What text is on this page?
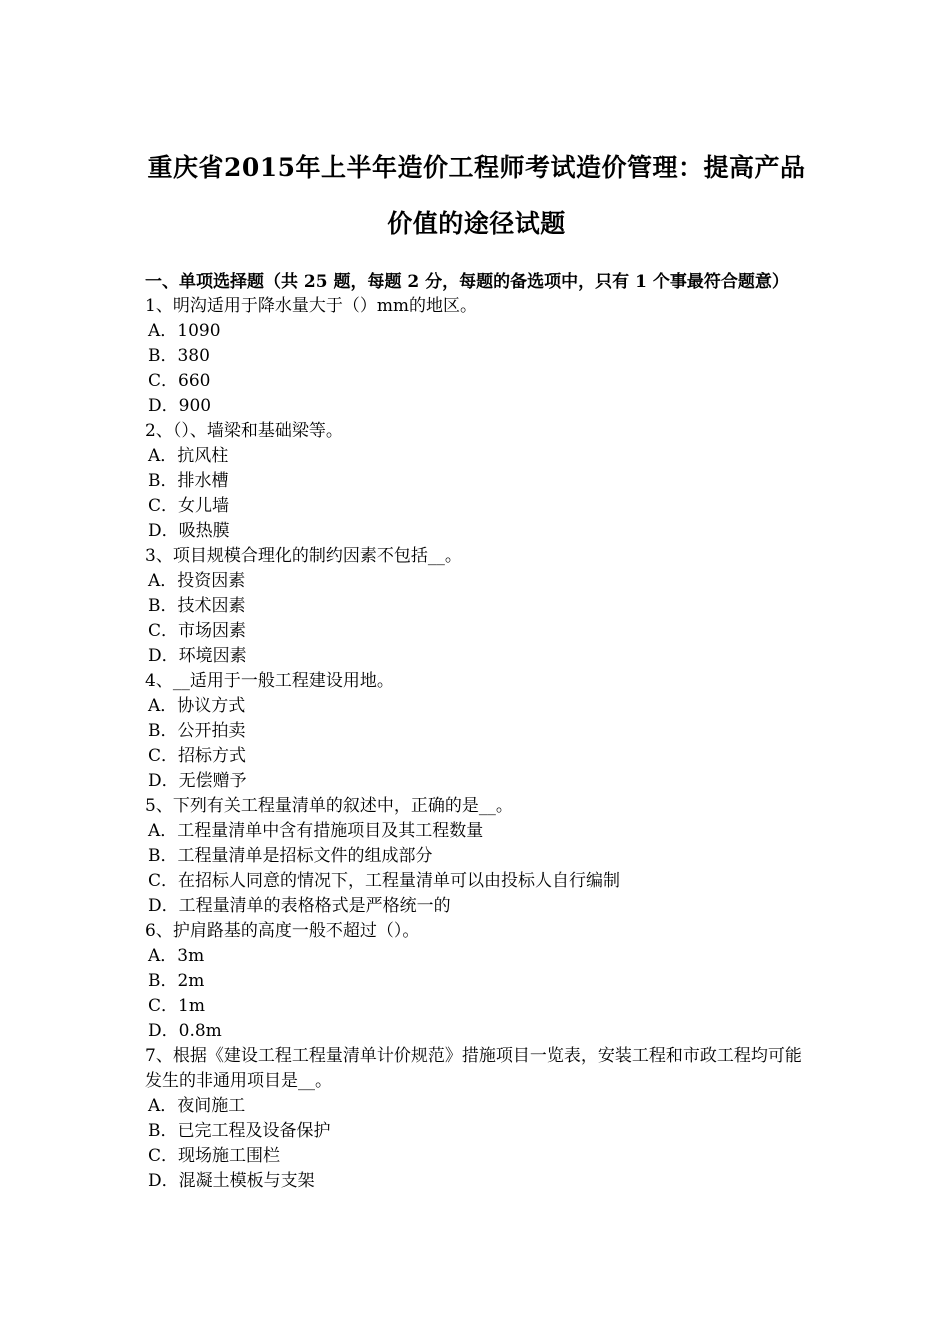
重庆省2015年上半年造价工程师考试造价管理：提高产品
价值的途径试题
一、单项选择题（共 25 题，每题 2 分，每题的备选项中，只有 1 个事最符合题意）
1、明沟适用于降水量大于（）mm的地区。
A．1090
B．380
C．660
D．900
2、（）、墙梁和基础梁等。
A．抗风柱
B．排水槽
C．女儿墙
D．吸热膜
3、项目规模合理化的制约因素不包括__。
A．投资因素
B．技术因素
C．市场因素
D．环境因素
4、__适用于一般工程建设用地。
A．协议方式
B．公开拍卖
C．招标方式
D．无偿赠予
5、下列有关工程量清单的叙述中，正确的是__。
A．工程量清单中含有措施项目及其工程数量
B．工程量清单是招标文件的组成部分
C．在招标人同意的情况下，工程量清单可以由投标人自行编制
D．工程量清单的表格格式是严格统一的
6、护肩路基的高度一般不超过（）。
A．3m
B．2m
C．1m
D．0.8m
7、根据《建设工程工程量清单计价规范》措施项目一览表，安装工程和市政工程均可能发生的非通用项目是__。
A．夜间施工
B．已完工程及设备保护
C．现场施工围栏
D．混凝土模板与支架
